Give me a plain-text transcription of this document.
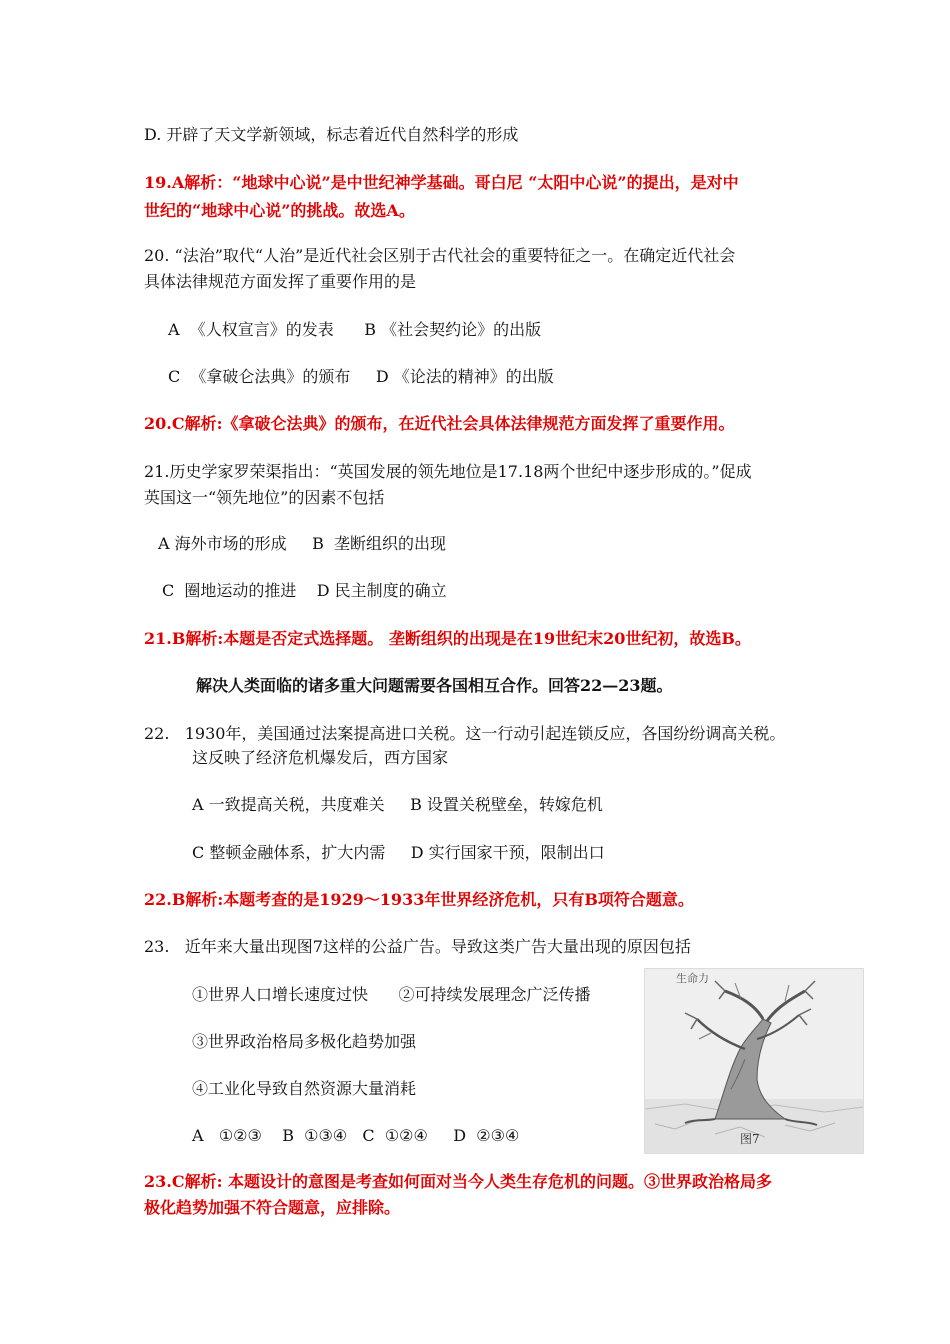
D. 开辟了天文学新领域，标志着近代自然科学的形成
19.A解析：“地球中心说”是中世纪神学基础。哥白尼 “太阳中心说”的提出，是对中
世纪的“地球中心说”的挑战。故选A。
20. “法治”取代“人治”是近代社会区别于古代社会的重要特征之一。在确定近代社会
具体法律规范方面发挥了重要作用的是
A  《人权宣言》的发表      B 《社会契约论》的出版
C  《拿破仑法典》的颁布     D 《论法的精神》的出版
20.C解析:《拿破仑法典》的颁布，在近代社会具体法律规范方面发挥了重要作用。
21.历史学家罗荣渠指出：“英国发展的领先地位是17.18两个世纪中逐步形成的。”促成
英国这一“领先地位”的因素不包括
A 海外市场的形成     B  垄断组织的出现
C  圈地运动的推进    D 民主制度的确立
21.B解析:本题是否定式选择题。 垄断组织的出现是在19世纪末20世纪初，故选B。
解决人类面临的诸多重大问题需要各国相互合作。回答22—23题。
22.   1930年，美国通过法案提高进口关税。这一行动引起连锁反应，各国纷纷调高关税。
这反映了经济危机爆发后，西方国家
A 一致提高关税，共度难关     B 设置关税壁垒，转嫁危机
C 整顿金融体系，扩大内需     D 实行国家干预，限制出口
22.B解析:本题考查的是1929～1933年世界经济危机，只有B项符合题意。
23.   近年来大量出现图7这样的公益广告。导致这类广告大量出现的原因包括
①世界人口增长速度过快      ②可持续发展理念广泛传播
③世界政治格局多极化趋势加强
④工业化导致自然资源大量消耗
A   ①②③    B  ①③④   C  ①②④     D  ②③④
生命力
图7
23.C解析: 本题设计的意图是考查如何面对当今人类生存危机的问题。③世界政治格局多
极化趋势加强不符合题意，应排除。
